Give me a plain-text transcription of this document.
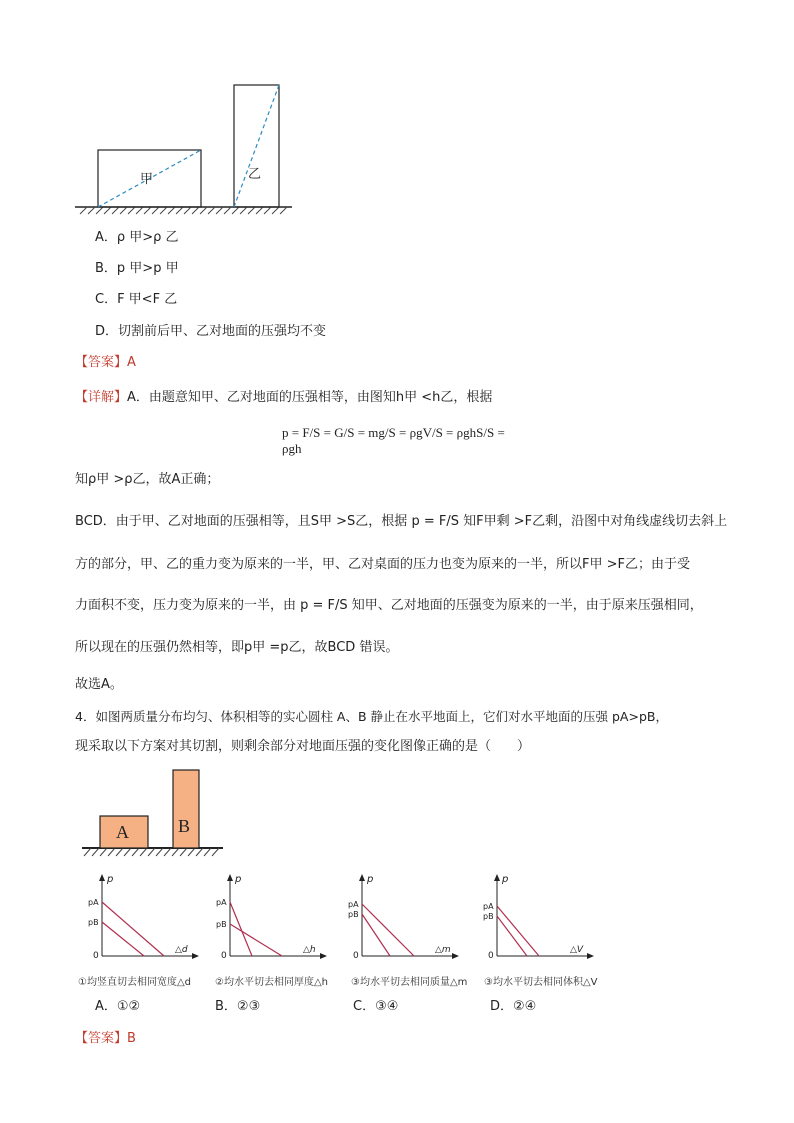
甲	乙
A．ρ 甲>ρ 乙
B．p 甲>p 甲
C．F 甲<F 乙
D．切割前后甲、乙对地面的压强均不变
【答案】A
【详解】A．由题意知甲、乙对地面的压强相等，由图知h甲 <h乙，根据
p = F/S = G/S = mg/S = ρgV/S = ρghS/S = ρgh
知ρ甲 >ρ乙，故A正确；
BCD．由于甲、乙对地面的压强相等，且S甲 >S乙，根据 p = F/S 知F甲剩 >F乙剩，沿图中对角线虚线切去斜上
方的部分，甲、乙的重力变为原来的一半，甲、乙对桌面的压力也变为原来的一半，所以F甲 >F乙；由于受
力面积不变，压力变为原来的一半，由 p = F/S 知甲、乙对地面的压强变为原来的一半，由于原来压强相同，
所以现在的压强仍然相等，即p甲 =p乙，故BCD 错误。
故选A。
4．如图两质量分布均匀、体积相等的实心圆柱 A、B 静止在水平地面上，它们对水平地面的压强 pA>pB，
现采取以下方案对其切割，则剩余部分对地面压强的变化图像正确的是（　　）
A	B
p
pA
pB
0
△d
p
pA
pB
0
△h
p
pA
pB
0
△m
p
pA
pB
0
△V
①均竖直切去相同宽度△d ②均水平切去相同厚度△h ③均水平切去相同质量△m ③均水平切去相同体积△V
A．①②	B．②③	C．③④	D．②④
【答案】B
